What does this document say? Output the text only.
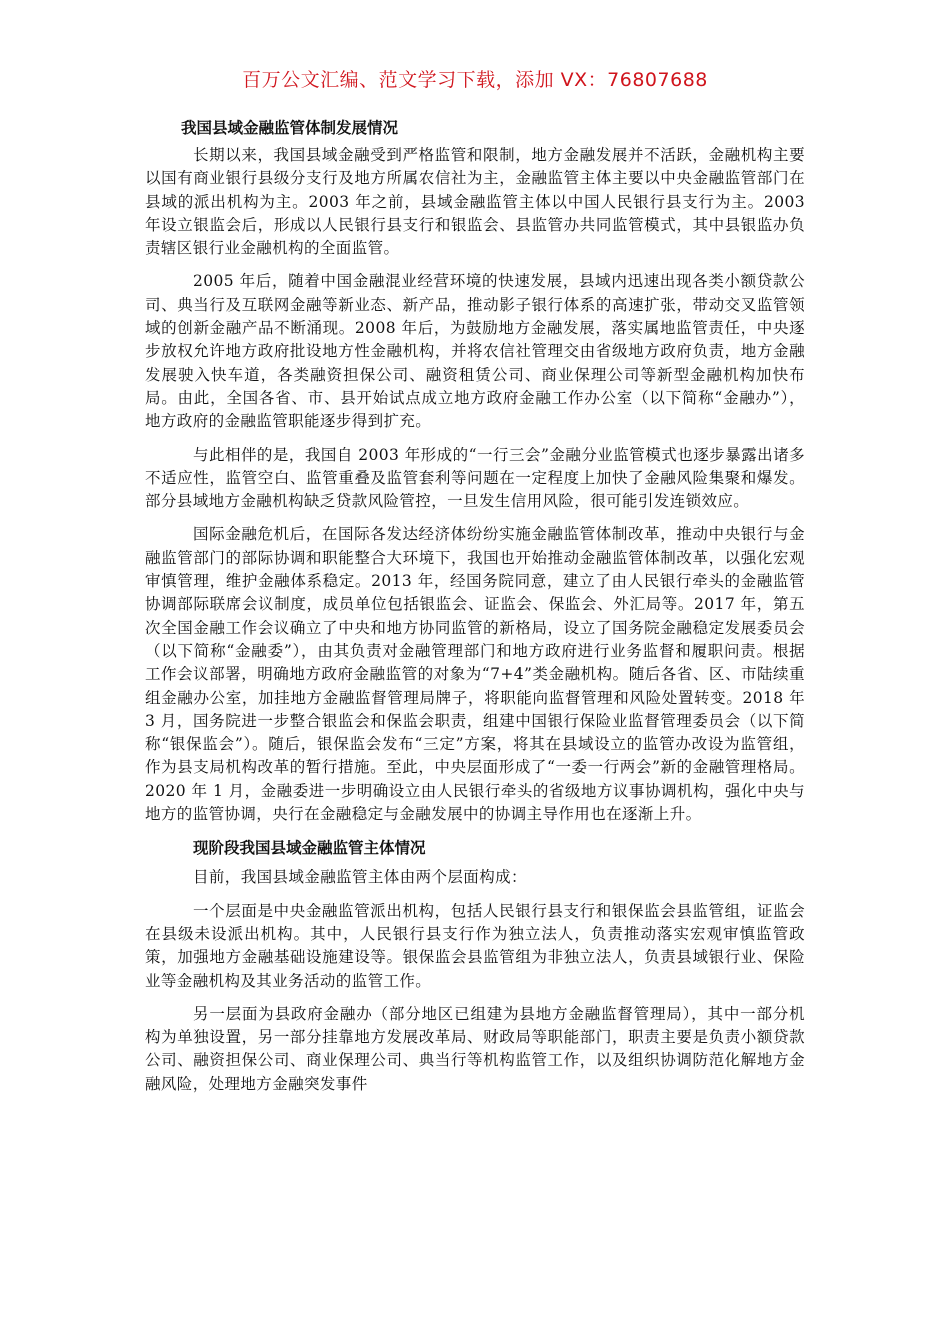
百万公文汇编、范文学习下载，添加 VX：76807688
我国县域金融监管体制发展情况

长期以来，我国县域金融受到严格监管和限制，地方金融发展并不活跃，金融机构主要以国有商业银行县级分支行及地方所属农信社为主，金融监管主体主要以中央金融监管部门在县域的派出机构为主。2003 年之前，县域金融监管主体以中国人民银行县支行为主。2003 年设立银监会后，形成以人民银行县支行和银监会、县监管办共同监管模式，其中县银监办负责辖区银行业金融机构的全面监管。

2005 年后，随着中国金融混业经营环境的快速发展，县域内迅速出现各类小额贷款公司、典当行及互联网金融等新业态、新产品，推动影子银行体系的高速扩张，带动交叉监管领域的创新金融产品不断涌现。2008 年后，为鼓励地方金融发展，落实属地监管责任，中央逐步放权允许地方政府批设地方性金融机构，并将农信社管理交由省级地方政府负责，地方金融发展驶入快车道，各类融资担保公司、融资租赁公司、商业保理公司等新型金融机构加快布局。由此，全国各省、市、县开始试点成立地方政府金融工作办公室（以下简称“金融办”），地方政府的金融监管职能逐步得到扩充。

与此相伴的是，我国自 2003 年形成的“一行三会”金融分业监管模式也逐步暴露出诸多不适应性，监管空白、监管重叠及监管套利等问题在一定程度上加快了金融风险集聚和爆发。部分县域地方金融机构缺乏贷款风险管控，一旦发生信用风险，很可能引发连锁效应。

国际金融危机后，在国际各发达经济体纷纷实施金融监管体制改革，推动中央银行与金融监管部门的部际协调和职能整合大环境下，我国也开始推动金融监管体制改革，以强化宏观审慎管理，维护金融体系稳定。2013 年，经国务院同意，建立了由人民银行牵头的金融监管协调部际联席会议制度，成员单位包括银监会、证监会、保监会、外汇局等。2017 年，第五次全国金融工作会议确立了中央和地方协同监管的新格局，设立了国务院金融稳定发展委员会（以下简称“金融委”），由其负责对金融管理部门和地方政府进行业务监督和履职问责。根据工作会议部署，明确地方政府金融监管的对象为“7+4”类金融机构。随后各省、区、市陆续重组金融办公室，加挂地方金融监督管理局牌子，将职能向监督管理和风险处置转变。2018 年 3 月，国务院进一步整合银监会和保监会职责，组建中国银行保险业监督管理委员会（以下简称“银保监会”）。随后，银保监会发布“三定”方案，将其在县域设立的监管办改设为监管组，作为县支局机构改革的暂行措施。至此，中央层面形成了“一委一行两会”新的金融管理格局。2020 年 1 月，金融委进一步明确设立由人民银行牵头的省级地方议事协调机构，强化中央与地方的监管协调，央行在金融稳定与金融发展中的协调主导作用也在逐渐上升。

现阶段我国县域金融监管主体情况

目前，我国县域金融监管主体由两个层面构成：

一个层面是中央金融监管派出机构，包括人民银行县支行和银保监会县监管组，证监会在县级未设派出机构。其中，人民银行县支行作为独立法人，负责推动落实宏观审慎监管政策，加强地方金融基础设施建设等。银保监会县监管组为非独立法人，负责县域银行业、保险业等金融机构及其业务活动的监管工作。

另一层面为县政府金融办（部分地区已组建为县地方金融监督管理局），其中一部分机构为单独设置，另一部分挂靠地方发展改革局、财政局等职能部门，职责主要是负责小额贷款公司、融资担保公司、商业保理公司、典当行等机构监管工作，以及组织协调防范化解地方金融风险，处理地方金融突发事件
